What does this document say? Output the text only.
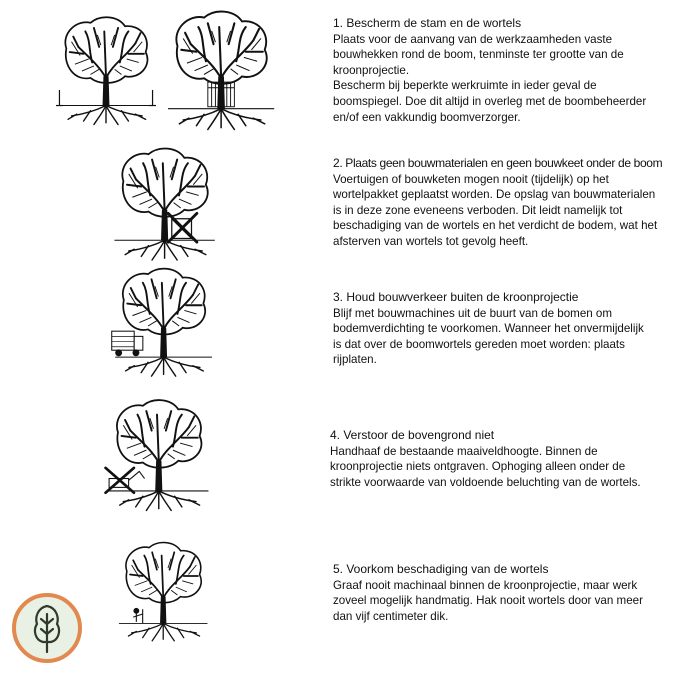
1. Bescherm de stam en de wortels
Plaats voor de aanvang van de werkzaamheden vaste
bouwhekken rond de boom, tenminste ter grootte van de
kroonprojectie.
Bescherm bij beperkte werkruimte in ieder geval de
boomspiegel. Doe dit altijd in overleg met de boombeheerder
en/of een vakkundig boomverzorger.
2. Plaats geen bouwmaterialen en geen bouwkeet onder de boom
Voertuigen of bouwketen mogen nooit (tijdelijk) op het
wortelpakket geplaatst worden. De opslag van bouwmaterialen
is in deze zone eveneens verboden. Dit leidt namelijk tot
beschadiging van de wortels en het verdicht de bodem, wat het
afsterven van wortels tot gevolg heeft.
3. Houd bouwverkeer buiten de kroonprojectie
Blijf met bouwmachines uit de buurt van de bomen om
bodemverdichting te voorkomen. Wanneer het onvermijdelijk
is dat over de boomwortels gereden moet worden: plaats
rijplaten.
4. Verstoor de bovengrond niet
Handhaaf de bestaande maaiveldhoogte. Binnen de
kroonprojectie niets ontgraven. Ophoging alleen onder de
strikte voorwaarde van voldoende beluchting van de wortels.
5. Voorkom beschadiging van de wortels
Graaf nooit machinaal binnen de kroonprojectie, maar werk
zoveel mogelijk handmatig. Hak nooit wortels door van meer
dan vijf centimeter dik.
